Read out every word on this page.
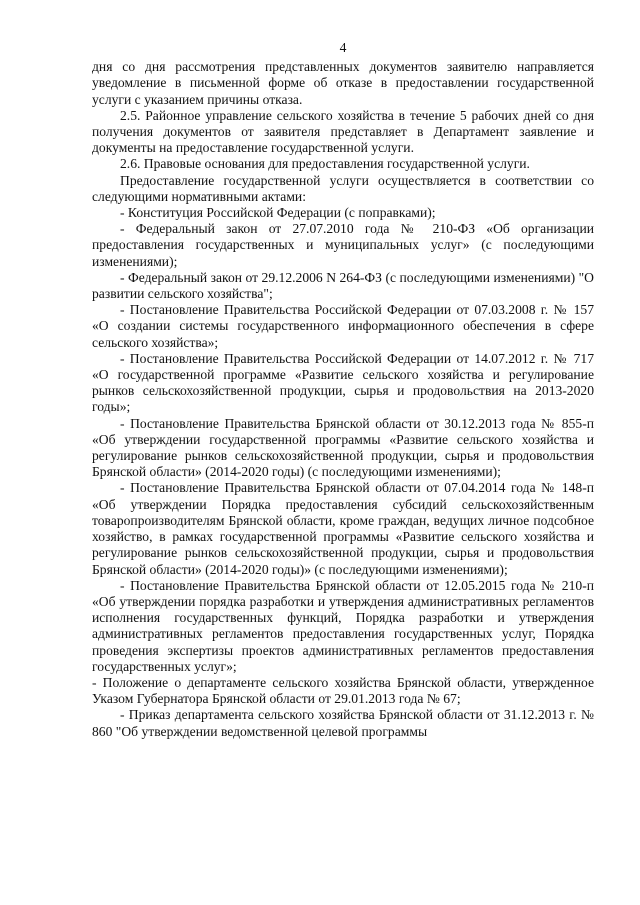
4

дня со дня рассмотрения представленных документов заявителю направляется уведомление в письменной форме об отказе в предоставлении государственной услуги с указанием причины отказа.

2.5. Районное управление сельского хозяйства в течение 5 рабочих дней со дня получения документов от заявителя представляет в Департамент заявление и документы на предоставление государственной услуги.

2.6. Правовые основания для предоставления государственной услуги.

Предоставление государственной услуги осуществляется в соответствии со следующими нормативными актами:

- Конституция Российской Федерации (с поправками);

- Федеральный закон от 27.07.2010 года № 210-ФЗ «Об организации предоставления государственных и муниципальных услуг» (с последующими изменениями);

- Федеральный закон от 29.12.2006 N 264-ФЗ (с последующими изменениями) "О развитии сельского хозяйства";

- Постановление Правительства Российской Федерации от 07.03.2008 г. № 157 «О создании системы государственного информационного обеспечения в сфере сельского хозяйства»;

- Постановление Правительства Российской Федерации от 14.07.2012 г. № 717 «О государственной программе «Развитие сельского хозяйства и регулирование рынков сельскохозяйственной продукции, сырья и продовольствия на 2013-2020 годы»;

- Постановление Правительства Брянской области от 30.12.2013 года № 855-п «Об утверждении государственной программы «Развитие сельского хозяйства и регулирование рынков сельскохозяйственной продукции, сырья и продовольствия Брянской области» (2014-2020 годы) (с последующими изменениями);

- Постановление Правительства Брянской области от 07.04.2014 года № 148-п «Об утверждении Порядка предоставления субсидий сельскохозяйственным товаропроизводителям Брянской области, кроме граждан, ведущих личное подсобное хозяйство, в рамках государственной программы «Развитие сельского хозяйства и регулирование рынков сельскохозяйственной продукции, сырья и продовольствия Брянской области» (2014-2020 годы)» (с последующими изменениями);

- Постановление Правительства Брянской области от 12.05.2015 года № 210-п «Об утверждении порядка разработки и утверждения административных регламентов исполнения государственных функций, Порядка разработки и утверждения административных регламентов предоставления государственных услуг, Порядка проведения экспертизы проектов административных регламентов предоставления государственных услуг»;

- Положение о департаменте сельского хозяйства Брянской области, утвержденное Указом Губернатора Брянской области от 29.01.2013 года № 67;

- Приказ департамента сельского хозяйства Брянской области от 31.12.2013 г. № 860 "Об утверждении ведомственной целевой программы
